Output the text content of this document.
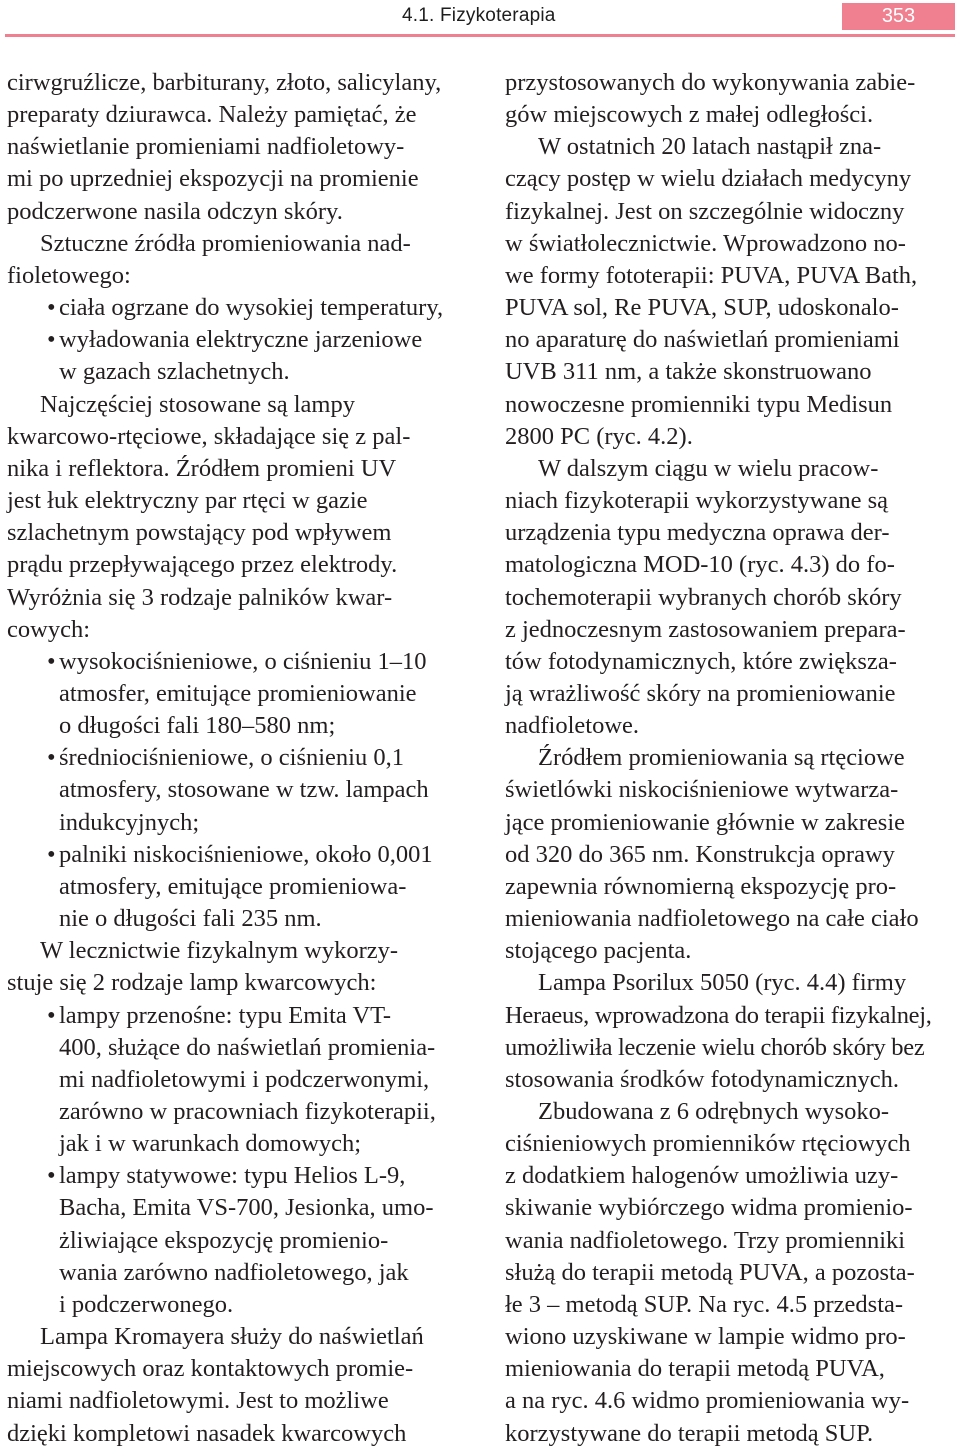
4.1. Fizykoterapia	353

cirwgruźlicze, barbiturany, złoto, salicylany,
preparaty dziurawca. Należy pamiętać, że
naświetlanie promieniami nadfioletowy-
mi po uprzedniej ekspozycji na promienie
podczerwone nasila odczyn skóry.

Sztuczne źródła promieniowania nad-
fioletowego:

• ciała ogrzane do wysokiej temperatury,

• wyładowania elektryczne jarzeniowe
w gazach szlachetnych.

Najczęściej stosowane są lampy
kwarcowo-rtęciowe, składające się z pal-
nika i reflektora. Źródłem promieni UV
jest łuk elektryczny par rtęci w gazie
szlachetnym powstający pod wpływem
prądu przepływającego przez elektrody.
Wyróżnia się 3 rodzaje palników kwar-
cowych:

• wysokociśnieniowe, o ciśnieniu 1–10
atmosfer, emitujące promieniowanie
o długości fali 180–580 nm;

• średniociśnieniowe, o ciśnieniu 0,1
atmosfery, stosowane w tzw. lampach
indukcyjnych;

• palniki niskociśnieniowe, około 0,001
atmosfery, emitujące promieniowa-
nie o długości fali 235 nm.

W lecznictwie fizykalnym wykorzy-
stuje się 2 rodzaje lamp kwarcowych:

• lampy przenośne: typu Emita VT-
400, służące do naświetlań promienia-
mi nadfioletowymi i podczerwonymi,
zarówno w pracowniach fizykoterapii,
jak i w warunkach domowych;

• lampy statywowe: typu Helios L-9,
Bacha, Emita VS-700, Jesionka, umo-
żliwiające ekspozycję promienio-
wania zarówno nadfioletowego, jak
i podczerwonego.

Lampa Kromayera służy do naświetlań
miejscowych oraz kontaktowych promie-
niami nadfioletowymi. Jest to możliwe
dzięki kompletowi nasadek kwarcowych

przystosowanych do wykonywania zabie-
gów miejscowych z małej odległości.

W ostatnich 20 latach nastąpił zna-
czący postęp w wielu działach medycyny
fizykalnej. Jest on szczególnie widoczny
w światłolecznictwie. Wprowadzono no-
we formy fototerapii: PUVA, PUVA Bath,
PUVA sol, Re PUVA, SUP, udoskonalo-
no aparaturę do naświetlań promieniami
UVB 311 nm, a także skonstruowano
nowoczesne promienniki typu Medisun
2800 PC (ryc. 4.2).

W dalszym ciągu w wielu pracow-
niach fizykoterapii wykorzystywane są
urządzenia typu medyczna oprawa der-
matologiczna MOD-10 (ryc. 4.3) do fo-
tochemoterapii wybranych chorób skóry
z jednoczesnym zastosowaniem prepara-
tów fotodynamicznych, które zwiększa-
ją wrażliwość skóry na promieniowanie
nadfioletowe.

Źródłem promieniowania są rtęciowe
świetlówki niskociśnieniowe wytwarza-
jące promieniowanie głównie w zakresie
od 320 do 365 nm. Konstrukcja oprawy
zapewnia równomierną ekspozycję pro-
mieniowania nadfioletowego na całe ciało
stojącego pacjenta.

Lampa Psorilux 5050 (ryc. 4.4) firmy
Heraeus, wprowadzona do terapii fizykalnej,
umożliwiła leczenie wielu chorób skóry bez
stosowania środków fotodynamicznych.

Zbudowana z 6 odrębnych wysoko-
ciśnieniowych promienników rtęciowych
z dodatkiem halogenów umożliwia uzy-
skiwanie wybiórczego widma promienio-
wania nadfioletowego. Trzy promienniki
służą do terapii metodą PUVA, a pozosta-
łe 3 – metodą SUP. Na ryc. 4.5 przedsta-
wiono uzyskiwane w lampie widmo pro-
mieniowania do terapii metodą PUVA,
a na ryc. 4.6 widmo promieniowania wy-
korzystywane do terapii metodą SUP.
